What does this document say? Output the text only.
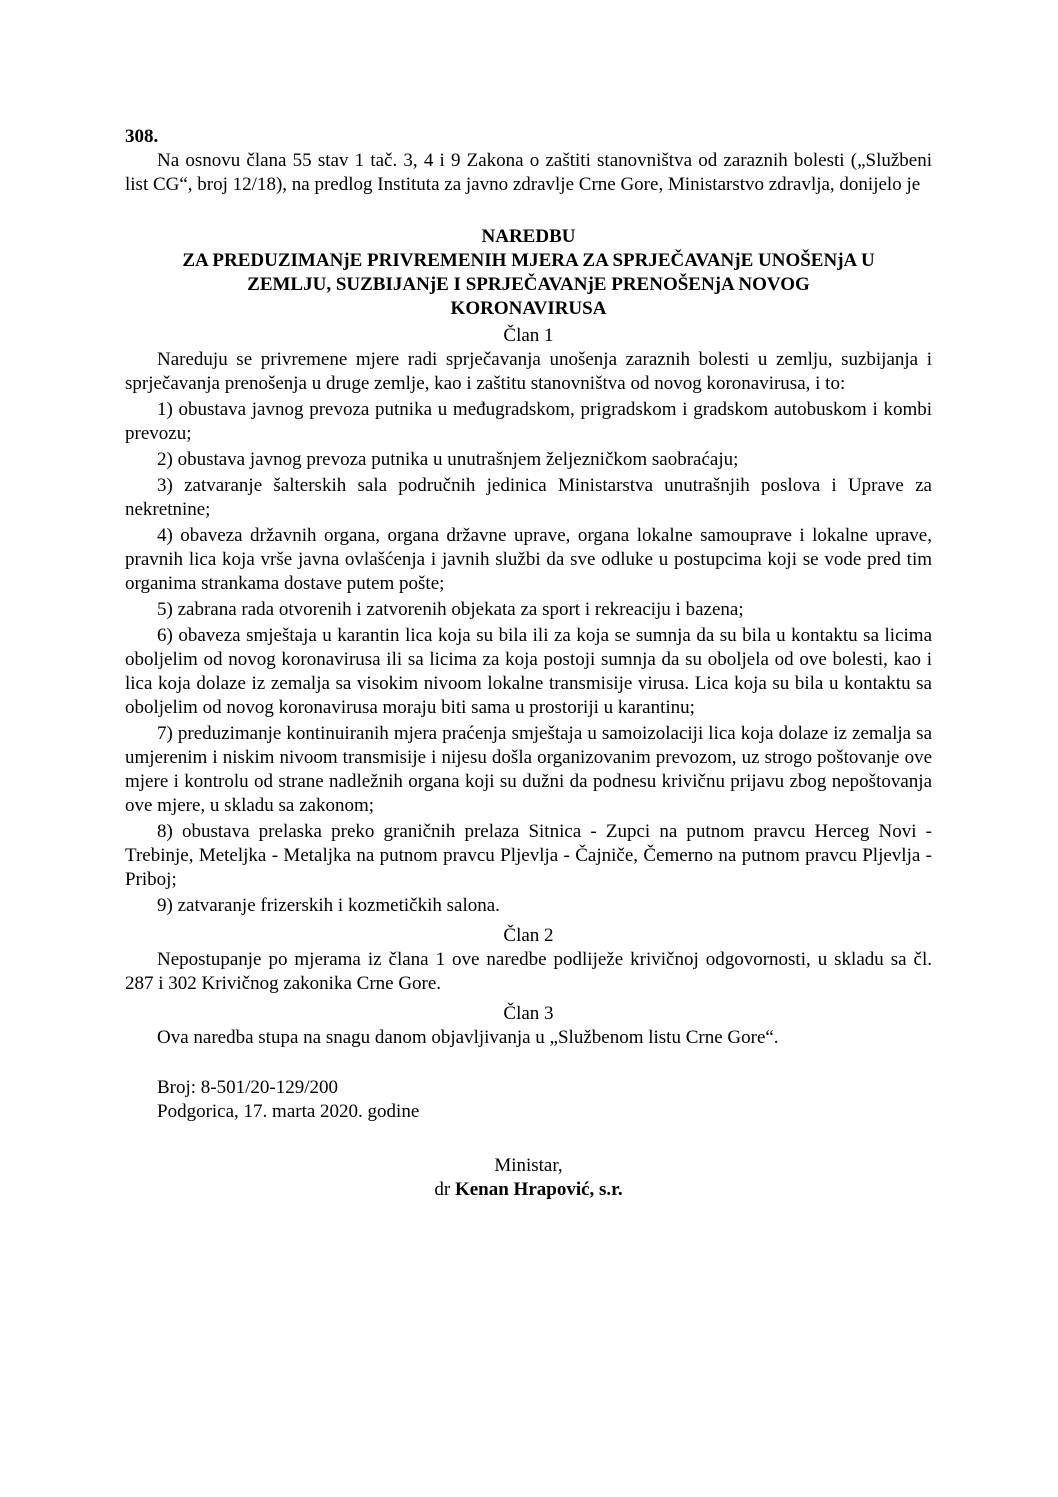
308.
Na osnovu člana 55 stav 1 tač. 3, 4 i 9 Zakona o zaštiti stanovništva od zaraznih bolesti („Službeni list CG“, broj 12/18), na predlog Instituta za javno zdravlje Crne Gore, Ministarstvo zdravlja, donijelo je
NAREDBU
ZA PREDUZIMANjE PRIVREMENIH MJERA ZA SPRJEČAVANjE UNOŠENjA U
ZEMLJU, SUZBIJANjE I SPRJEČAVANjE PRENOŠENjA NOVOG
KORONAVIRUSA
Član 1
Nareduju se privremene mjere radi sprječavanja unošenja zaraznih bolesti u zemlju, suzbijanja i sprječavanja prenošenja u druge zemlje, kao i zaštitu stanovništva od novog koronavirusa, i to:
1) obustava javnog prevoza putnika u međugradskom, prigradskom i gradskom autobuskom i kombi prevozu;
2) obustava javnog prevoza putnika u unutrašnjem željezničkom saobraćaju;
3) zatvaranje šalterskih sala područnih jedinica Ministarstva unutrašnjih poslova i Uprave za nekretnine;
4) obaveza državnih organa, organa državne uprave, organa lokalne samouprave i lokalne uprave, pravnih lica koja vrše javna ovlašćenja i javnih službi da sve odluke u postupcima koji se vode pred tim organima strankama dostave putem pošte;
5) zabrana rada otvorenih i zatvorenih objekata za sport i rekreaciju i bazena;
6) obaveza smještaja u karantin lica koja su bila ili za koja se sumnja da su bila u kontaktu sa licima oboljelim od novog koronavirusa ili sa licima za koja postoji sumnja da su oboljela od ove bolesti, kao i lica koja dolaze iz zemalja sa visokim nivoom lokalne transmisije virusa. Lica koja su bila u kontaktu sa oboljelim od novog koronavirusa moraju biti sama u prostoriji u karantinu;
7) preduzimanje kontinuiranih mjera praćenja smještaja u samoizolaciji lica koja dolaze iz zemalja sa umjerenim i niskim nivoom transmisije i nijesu došla organizovanim prevozom, uz strogo poštovanje ove mjere i kontrolu od strane nadležnih organa koji su dužni da podnesu krivičnu prijavu zbog nepoštovanja ove mjere, u skladu sa zakonom;
8) obustava prelaska preko graničnih prelaza Sitnica - Zupci na putnom pravcu Herceg Novi - Trebinje, Meteljka - Metaljka na putnom pravcu Pljevlja - Čajniče, Čemerno na putnom pravcu Pljevlja - Priboj;
9) zatvaranje frizerskih i kozmetičkih salona.
Član 2
Nepostupanje po mjerama iz člana 1 ove naredbe podliježe krivičnoj odgovornosti, u skladu sa čl. 287 i 302 Krivičnog zakonika Crne Gore.
Član 3
Ova naredba stupa na snagu danom objavljivanja u „Službenom listu Crne Gore“.
Broj: 8-501/20-129/200
Podgorica, 17. marta 2020. godine
Ministar,
dr Kenan Hrapović, s.r.
